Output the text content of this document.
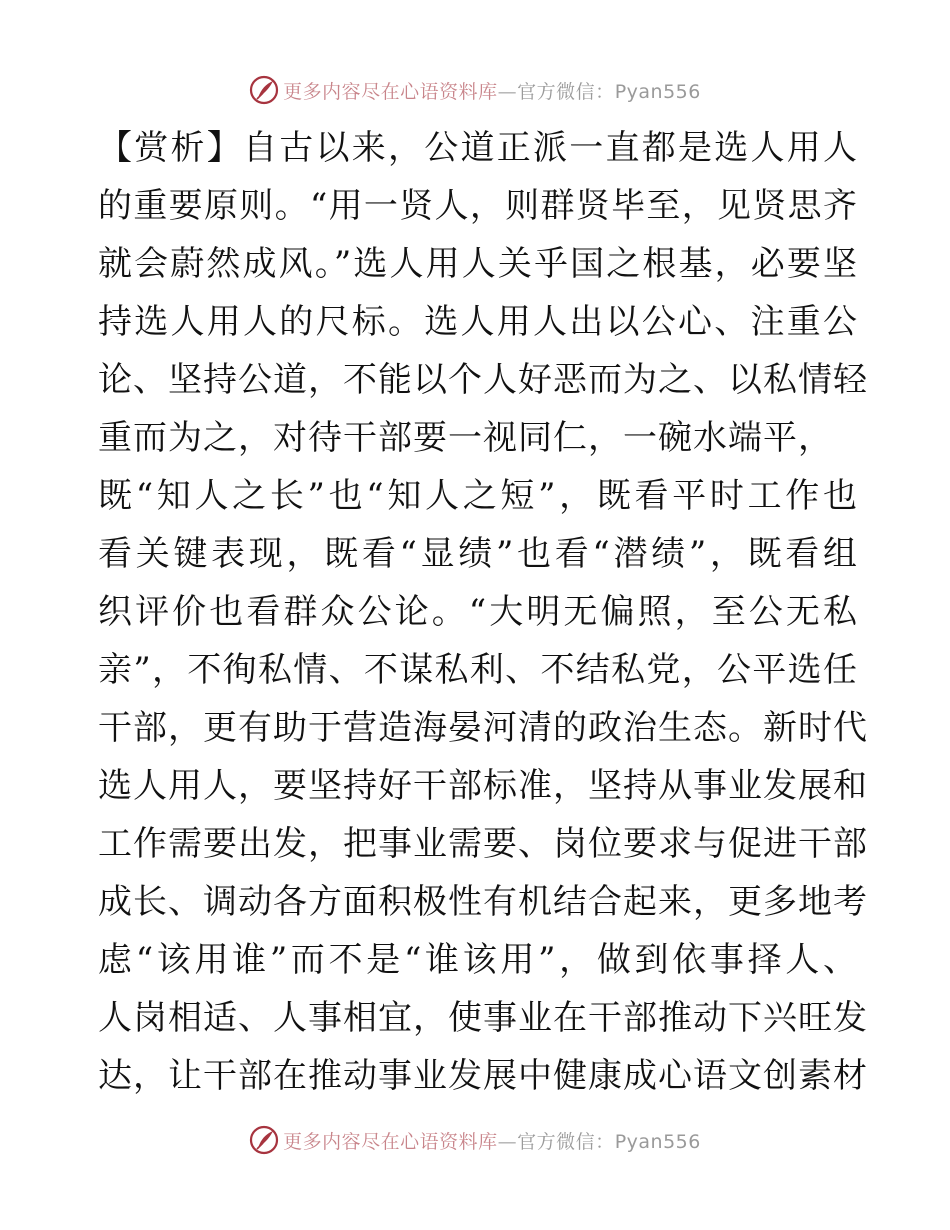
更多内容尽在心语资料库—官方微信：Pyan556
【赏析】自古以来，公道正派一直都是选人用人
的重要原则。“用一贤人，则群贤毕至，见贤思齐
就会蔚然成风。”选人用人关乎国之根基，必要坚
持选人用人的尺标。选人用人出以公心、注重公
论、坚持公道，不能以个人好恶而为之、以私情轻
重而为之，对待干部要一视同仁，一碗水端平，
既“知人之长”也“知人之短”，既看平时工作也
看关键表现，既看“显绩”也看“潜绩”，既看组
织评价也看群众公论。“大明无偏照，至公无私
亲”，不徇私情、不谋私利、不结私党，公平选任
干部，更有助于营造海晏河清的政治生态。新时代
选人用人，要坚持好干部标准，坚持从事业发展和
工作需要出发，把事业需要、岗位要求与促进干部
成长、调动各方面积极性有机结合起来，更多地考
虑“该用谁”而不是“谁该用”，做到依事择人、
人岗相适、人事相宜，使事业在干部推动下兴旺发
达，让干部在推动事业发展中健康成心语文创素材
更多内容尽在心语资料库—官方微信：Pyan556
